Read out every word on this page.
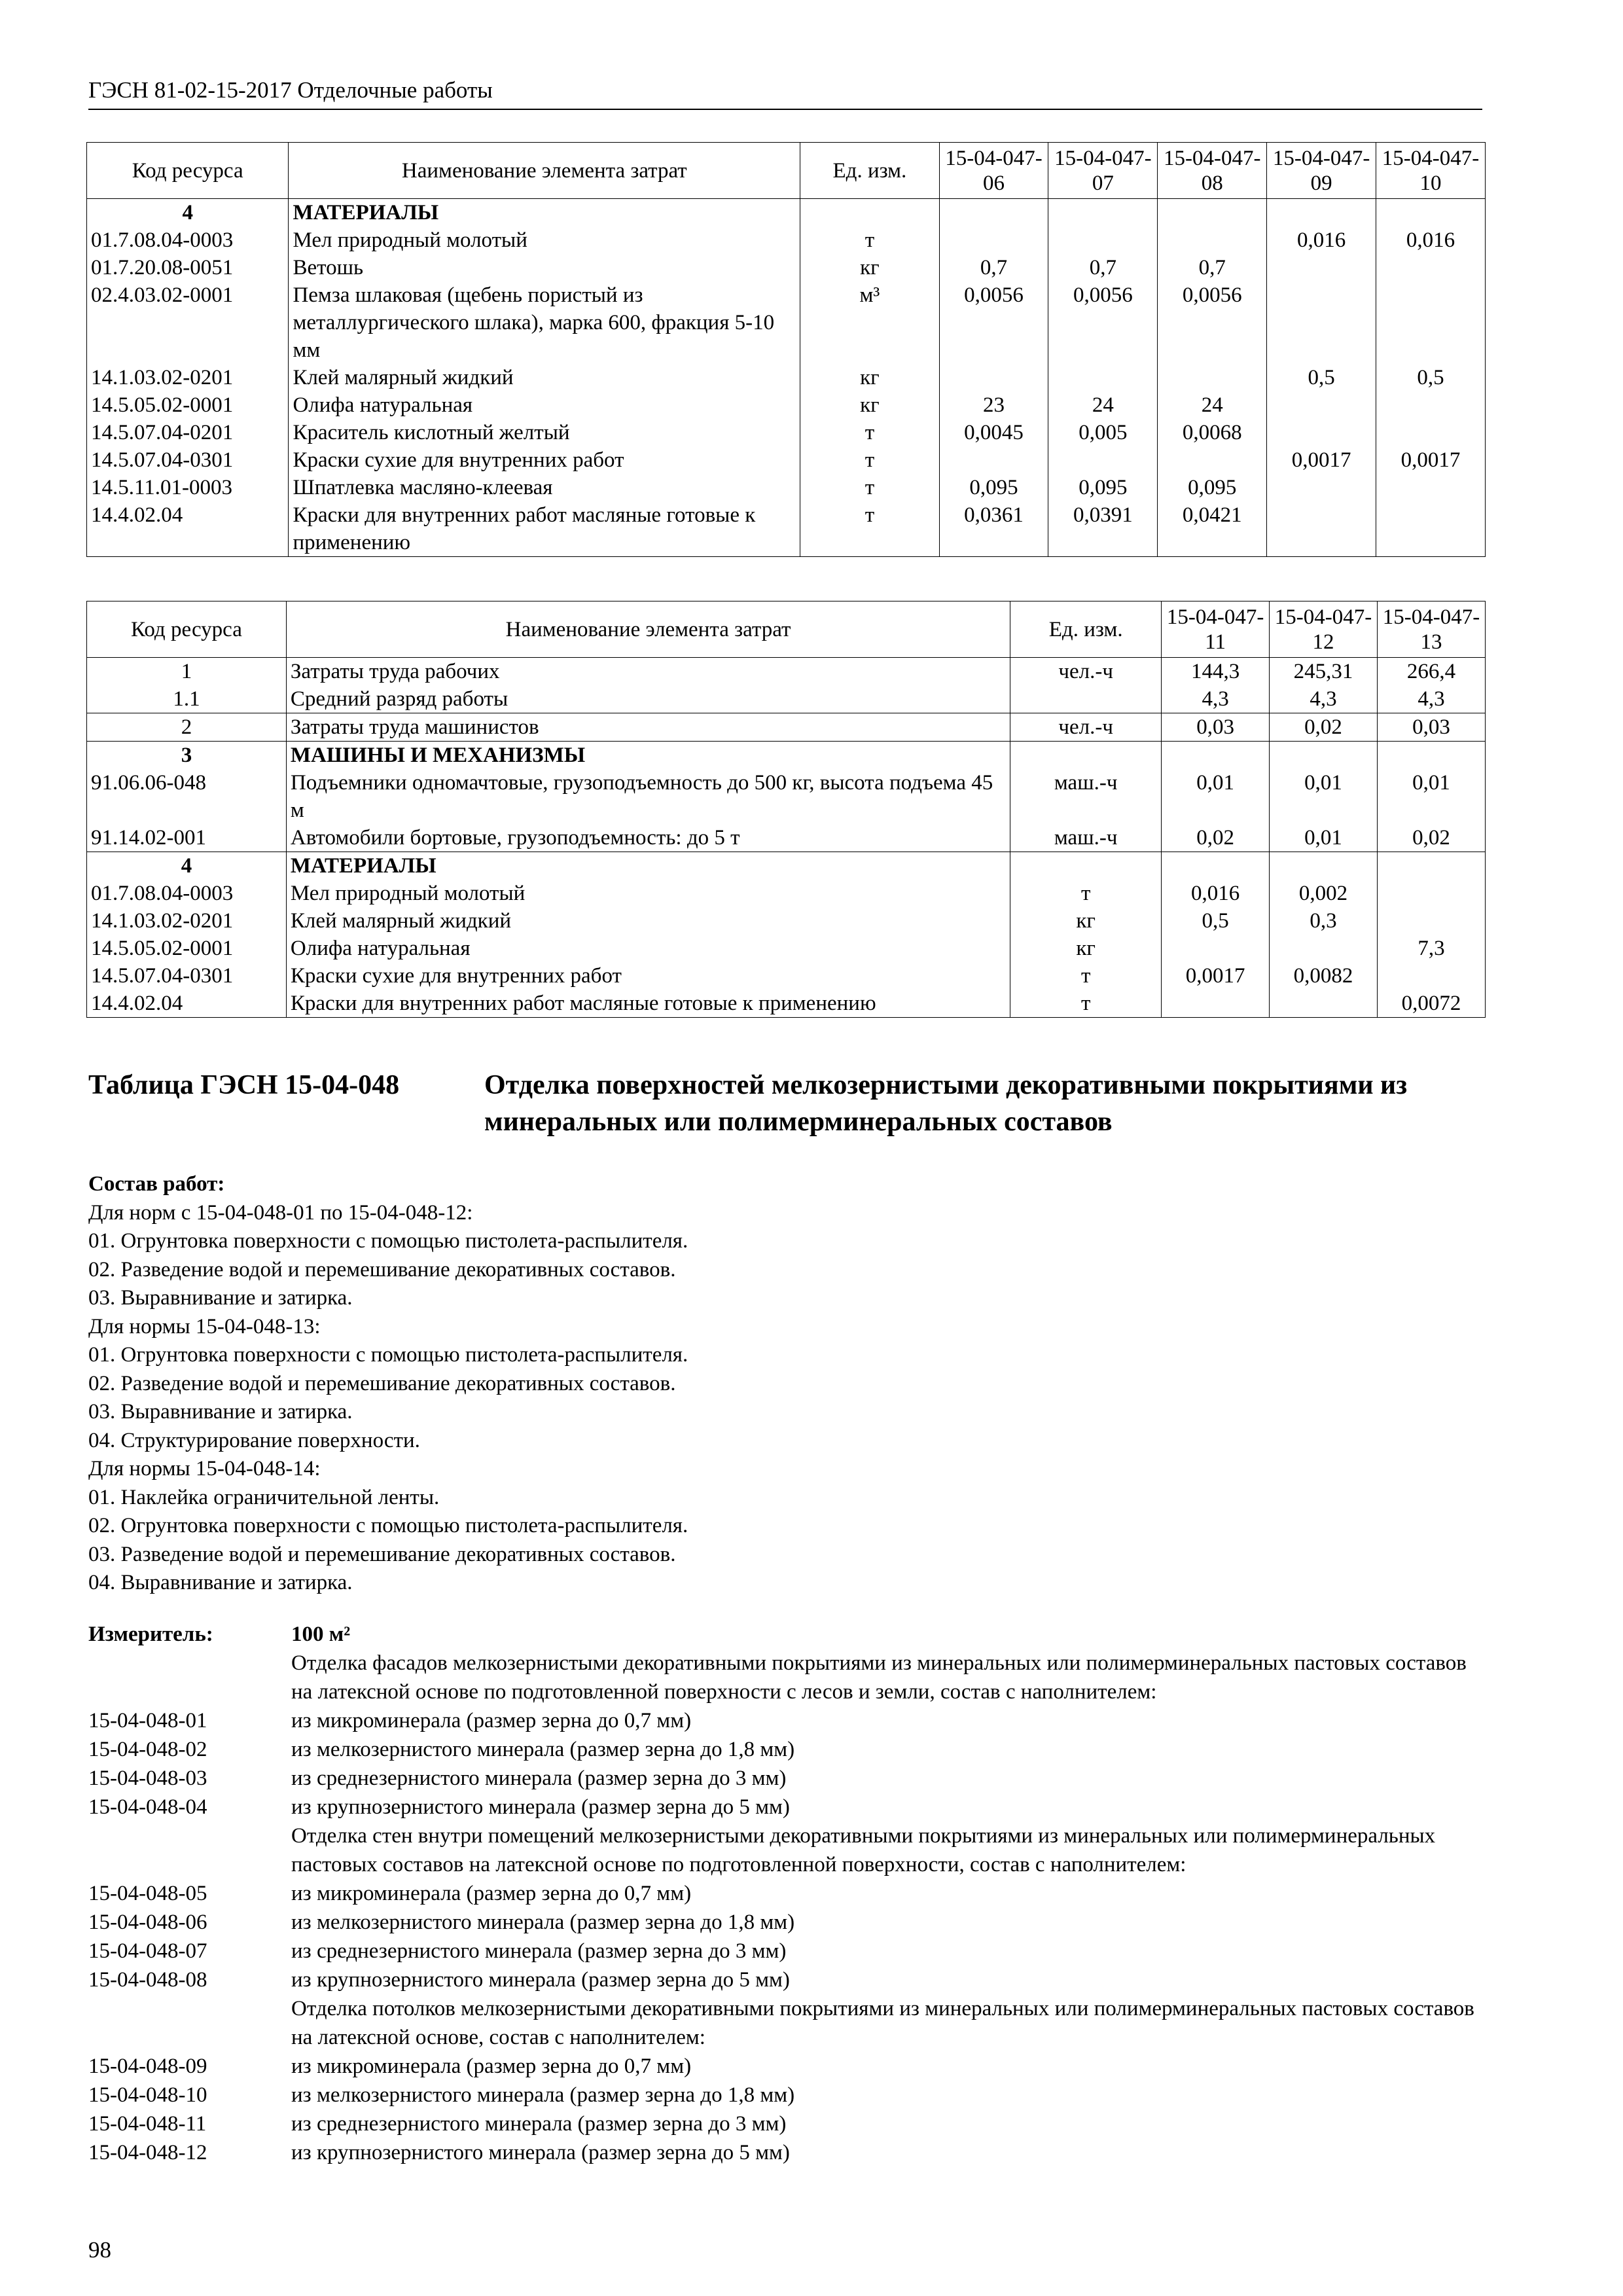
ГЭСН 81-02-15-2017 Отделочные работы
Код ресурса	Наименование элемента затрат	Ед. изм.	15-04-047-06	15-04-047-07	15-04-047-08	15-04-047-09	15-04-047-10
4	МАТЕРИАЛЫ						
01.7.08.04-0003	Мел природный молотый	т				0,016	0,016
01.7.20.08-0051	Ветошь	кг	0,7	0,7	0,7		
02.4.03.02-0001	Пемза шлаковая (щебень пористый из металлургического шлака), марка 600, фракция 5-10 мм	м³	0,0056	0,0056	0,0056		
14.1.03.02-0201	Клей малярный жидкий	кг				0,5	0,5
14.5.05.02-0001	Олифа натуральная	кг	23	24	24		
14.5.07.04-0201	Краситель кислотный желтый	т	0,0045	0,005	0,0068		
14.5.07.04-0301	Краски сухие для внутренних работ	т				0,0017	0,0017
14.5.11.01-0003	Шпатлевка масляно-клеевая	т	0,095	0,095	0,095		
14.4.02.04	Краски для внутренних работ масляные готовые к применению	т	0,0361	0,0391	0,0421		
Код ресурса	Наименование элемента затрат	Ед. изм.	15-04-047-11	15-04-047-12	15-04-047-13
1	Затраты труда рабочих	чел.-ч	144,3	245,31	266,4
1.1	Средний разряд работы		4,3	4,3	4,3
2	Затраты труда машинистов	чел.-ч	0,03	0,02	0,03
3	МАШИНЫ И МЕХАНИЗМЫ				
91.06.06-048	Подъемники одномачтовые, грузоподъемность до 500 кг, высота подъема 45 м	маш.-ч	0,01	0,01	0,01
91.14.02-001	Автомобили бортовые, грузоподъемность: до 5 т	маш.-ч	0,02	0,01	0,02
4	МАТЕРИАЛЫ				
01.7.08.04-0003	Мел природный молотый	т	0,016	0,002	
14.1.03.02-0201	Клей малярный жидкий	кг	0,5	0,3	
14.5.05.02-0001	Олифа натуральная	кг			7,3
14.5.07.04-0301	Краски сухие для внутренних работ	т	0,0017	0,0082	
14.4.02.04	Краски для внутренних работ масляные готовые к применению	т			0,0072
Таблица ГЭСН 15-04-048	Отделка поверхностей мелкозернистыми декоративными покрытиями из минеральных или полимерминеральных составов
Состав работ:
Для норм с 15-04-048-01 по 15-04-048-12:
01. Огрунтовка поверхности с помощью пистолета-распылителя.
02. Разведение водой и перемешивание декоративных составов.
03. Выравнивание и затирка.
Для нормы 15-04-048-13:
01. Огрунтовка поверхности с помощью пистолета-распылителя.
02. Разведение водой и перемешивание декоративных составов.
03. Выравнивание и затирка.
04. Структурирование поверхности.
Для нормы 15-04-048-14:
01. Наклейка ограничительной ленты.
02. Огрунтовка поверхности с помощью пистолета-распылителя.
03. Разведение водой и перемешивание декоративных составов.
04. Выравнивание и затирка.
Измеритель:	100 м²
Отделка фасадов мелкозернистыми декоративными покрытиями из минеральных или полимерминеральных пастовых составов на латексной основе по подготовленной поверхности с лесов и земли, состав с наполнителем:
15-04-048-01	из микроминерала (размер зерна до 0,7 мм)
15-04-048-02	из мелкозернистого минерала (размер зерна до 1,8 мм)
15-04-048-03	из среднезернистого минерала (размер зерна до 3 мм)
15-04-048-04	из крупнозернистого минерала (размер зерна до 5 мм)
Отделка стен внутри помещений мелкозернистыми декоративными покрытиями из минеральных или полимерминеральных пастовых составов на латексной основе по подготовленной поверхности, состав с наполнителем:
15-04-048-05	из микроминерала (размер зерна до 0,7 мм)
15-04-048-06	из мелкозернистого минерала (размер зерна до 1,8 мм)
15-04-048-07	из среднезернистого минерала (размер зерна до 3 мм)
15-04-048-08	из крупнозернистого минерала (размер зерна до 5 мм)
Отделка потолков мелкозернистыми декоративными покрытиями из минеральных или полимерминеральных пастовых составов на латексной основе, состав с наполнителем:
15-04-048-09	из микроминерала (размер зерна до 0,7 мм)
15-04-048-10	из мелкозернистого минерала (размер зерна до 1,8 мм)
15-04-048-11	из среднезернистого минерала (размер зерна до 3 мм)
15-04-048-12	из крупнозернистого минерала (размер зерна до 5 мм)
98
